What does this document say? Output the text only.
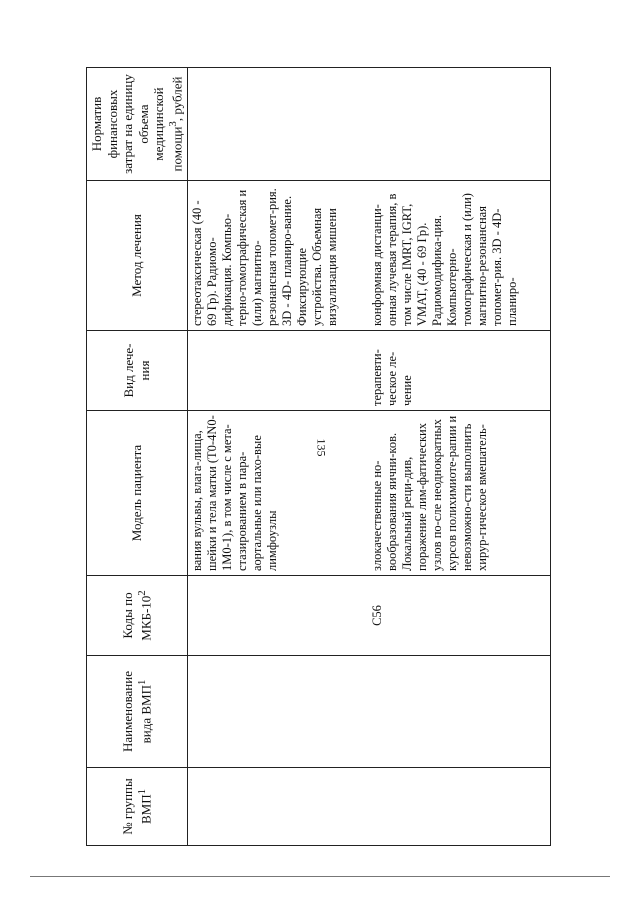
135
№ группы ВМП$^1$	Наименование вида ВМП$^1$	Коды по МКБ-$10^2$	Модель пациента	Вид лече-ния	Метод лечения	Норматив финансовых затрат на единицу объема медицинской помощи$^3$, рублей
			вания вульвы, влага-лища, шейки и тела матки (T0-4N0-1M0-1), в том числе с мета-стазированием в пара-аортальные или пахо-вые лимфоузлы		стереотаксическая (40 - 69 Гр). Радиомо-дификация. Компью-терно-томографическая и (или) магнитно-резонансная топомет-рия. 3D - 4D- планиро-вание. Фиксирующие устройства. Объемная визуализация мишени	
		C56	злокачественные но-вообразования яични-ков. Локальный реци-див, поражение лим-фатических узлов по-сле неоднократных курсов полихимиоте-рапии и невозможно-сти выполнить хирур-гическое вмешатель-	терапевти-ческое ле-чение	конформная дистанци-онная лучевая терапия, в том числе IMRT, IGRT, VMAT, (40 - 69 Гр). Радиомодифика-ция. Компьютерно-томографическая и (или) магнитно-резонансная топомет-рия. 3D - 4D- планиро-	
